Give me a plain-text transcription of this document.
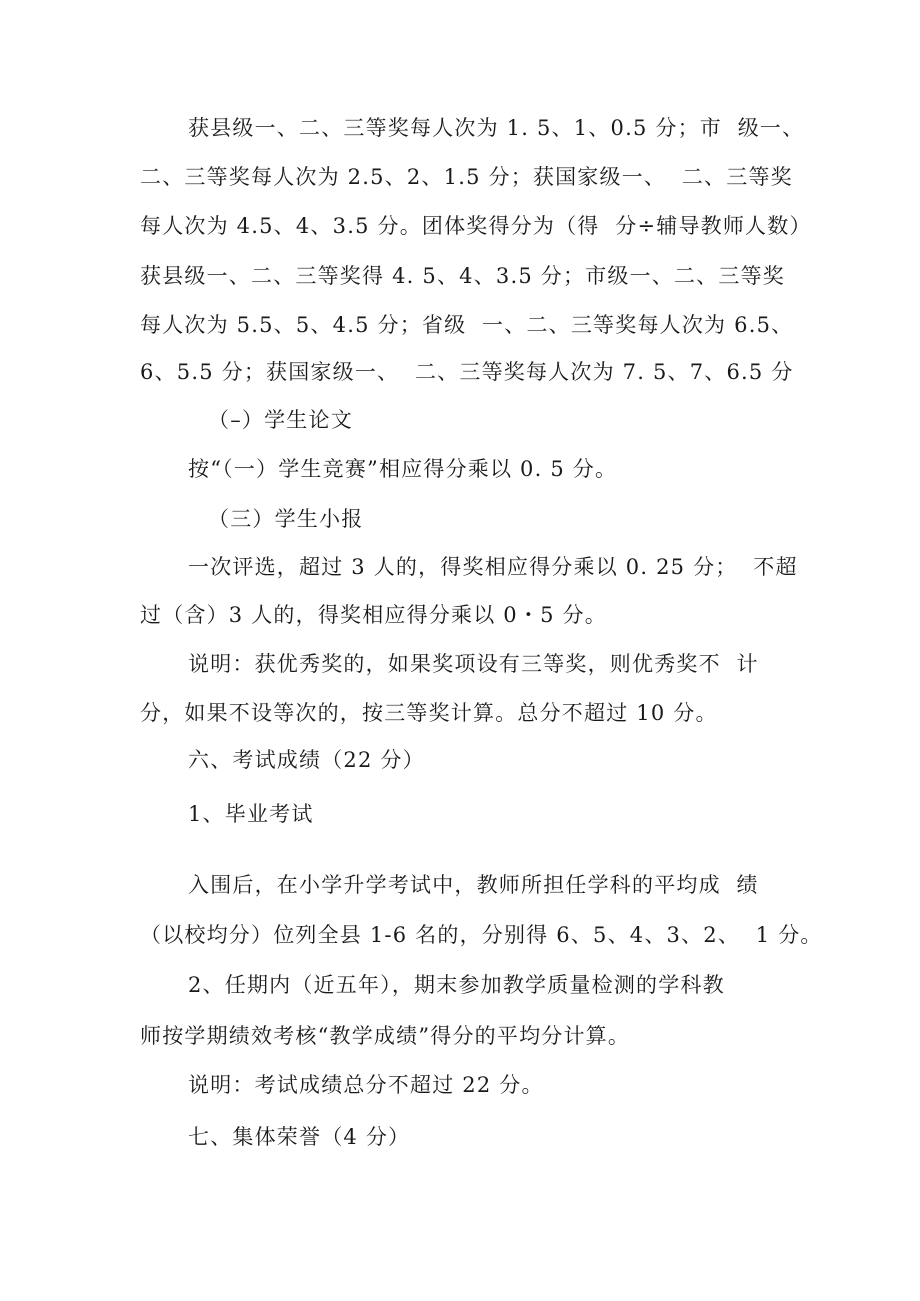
获县级一、二、三等奖每人次为 1. 5、1、0.5 分；市  级一、
二、三等奖每人次为 2.5、2、1.5 分；获国家级一、  二、三等奖
每人次为 4.5、4、3.5 分。团体奖得分为（得  分÷辅导教师人数）
获县级一、二、三等奖得 4. 5、4、3.5 分；市级一、二、三等奖
每人次为 5.5、5、4.5 分；省级  一、二、三等奖每人次为 6.5、
6、5.5 分；获国家级一、  二、三等奖每人次为 7. 5、7、6.5 分
（–）学生论文
按“（一）学生竞赛”相应得分乘以 0. 5 分。
（三）学生小报
一次评选，超过 3 人的，得奖相应得分乘以 0. 25 分；  不超
过（含）3 人的，得奖相应得分乘以 0・5 分。
说明：获优秀奖的，如果奖项设有三等奖，则优秀奖不  计
分，如果不设等次的，按三等奖计算。总分不超过 10 分。
六、考试成绩（22 分）
1、毕业考试
入围后，在小学升学考试中，教师所担任学科的平均成  绩
（以校均分）位列全县 1-6 名的，分别得 6、5、4、3、2、  1 分。
2、任期内（近五年），期末参加教学质量检测的学科教
师按学期绩效考核“教学成绩”得分的平均分计算。
说明：考试成绩总分不超过 22 分。
七、集体荣誉（4 分）
